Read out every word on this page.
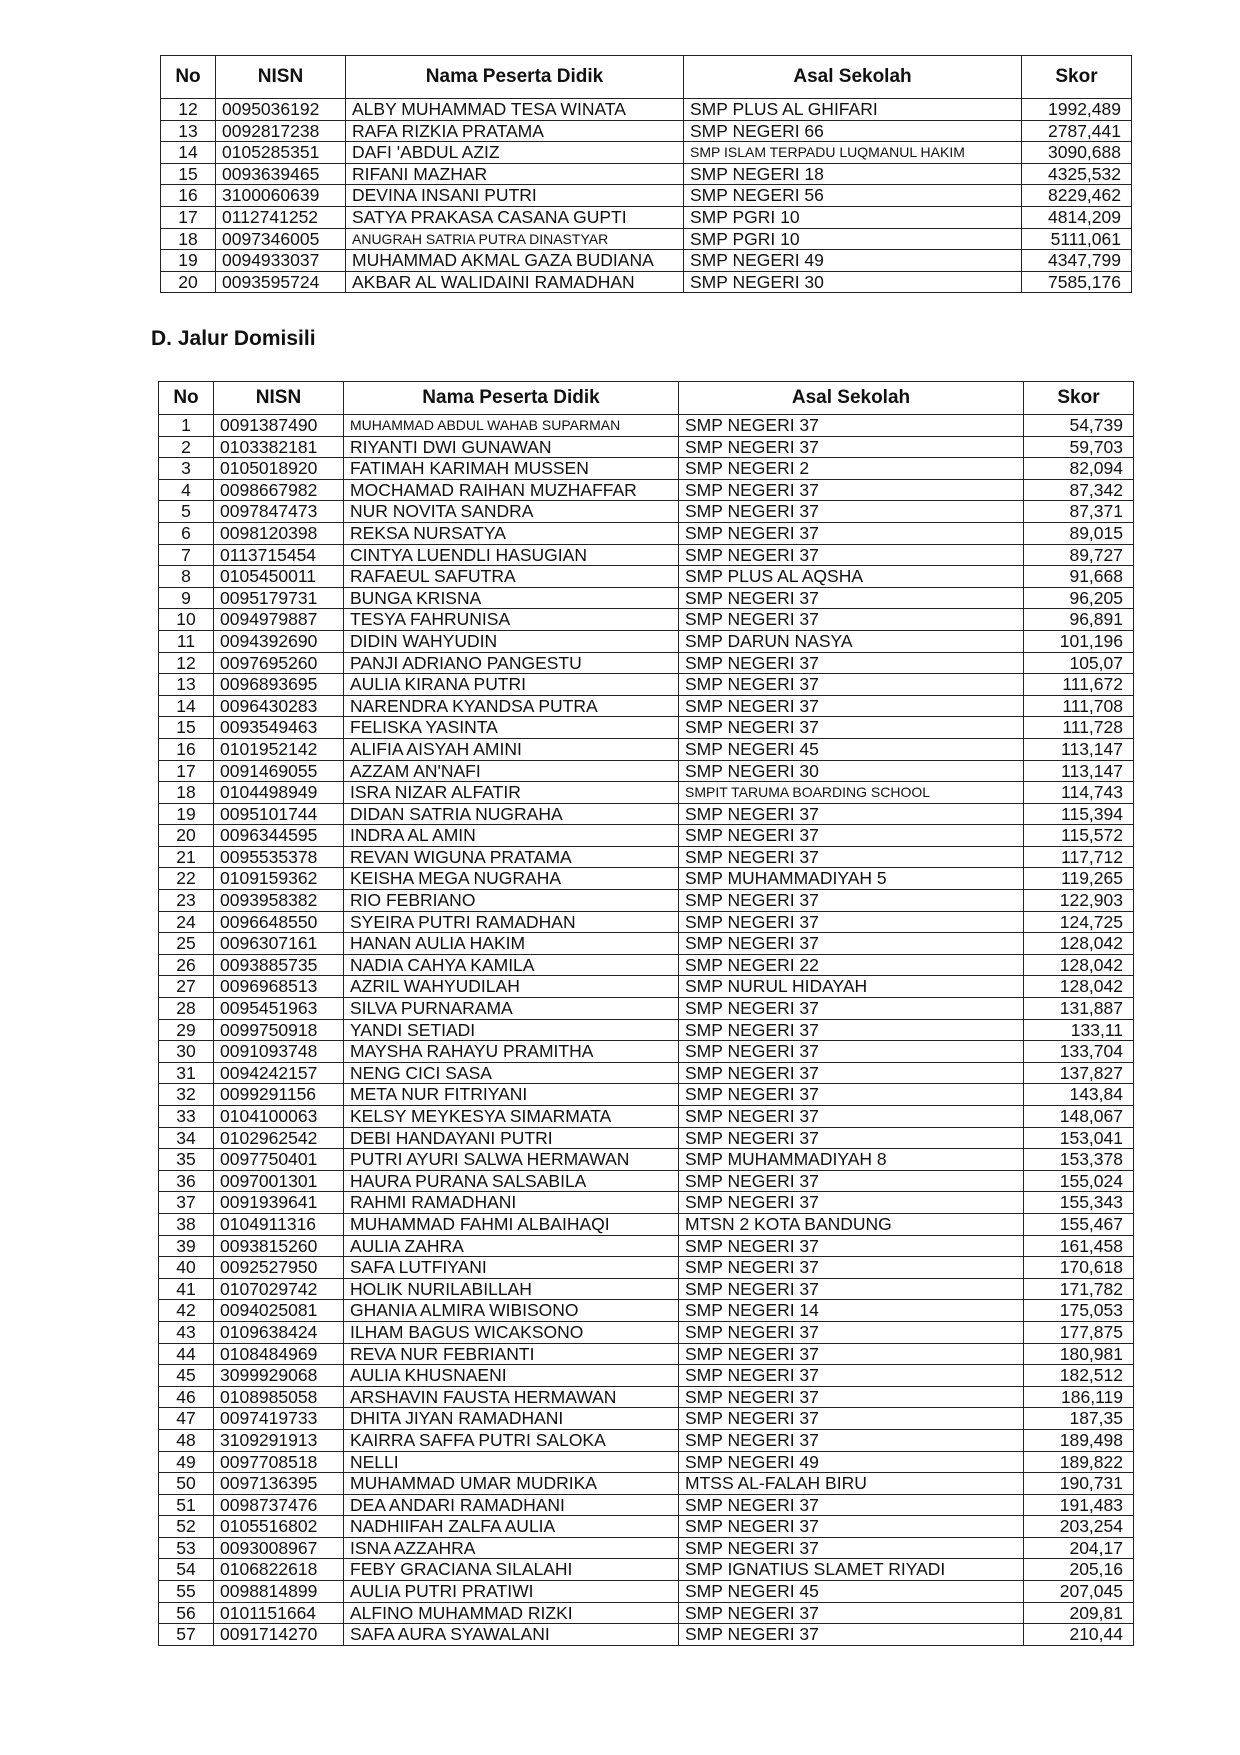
No	NISN	Nama Peserta Didik	Asal Sekolah	Skor
12	0095036192	ALBY MUHAMMAD TESA WINATA	SMP PLUS AL GHIFARI	1992,489
13	0092817238	RAFA RIZKIA PRATAMA	SMP NEGERI 66	2787,441
14	0105285351	DAFI 'ABDUL AZIZ	SMP ISLAM TERPADU LUQMANUL HAKIM	3090,688
15	0093639465	RIFANI MAZHAR	SMP NEGERI 18	4325,532
16	3100060639	DEVINA INSANI PUTRI	SMP NEGERI 56	8229,462
17	0112741252	SATYA PRAKASA CASANA GUPTI	SMP PGRI 10	4814,209
18	0097346005	ANUGRAH SATRIA PUTRA DINASTYAR	SMP PGRI 10	5111,061
19	0094933037	MUHAMMAD AKMAL GAZA BUDIANA	SMP NEGERI 49	4347,799
20	0093595724	AKBAR AL WALIDAINI RAMADHAN	SMP NEGERI 30	7585,176
D. Jalur Domisili
No	NISN	Nama Peserta Didik	Asal Sekolah	Skor
1	0091387490	MUHAMMAD ABDUL WAHAB SUPARMAN	SMP NEGERI 37	54,739
2	0103382181	RIYANTI DWI GUNAWAN	SMP NEGERI 37	59,703
3	0105018920	FATIMAH KARIMAH MUSSEN	SMP NEGERI 2	82,094
4	0098667982	MOCHAMAD RAIHAN MUZHAFFAR	SMP NEGERI 37	87,342
5	0097847473	NUR NOVITA SANDRA	SMP NEGERI 37	87,371
6	0098120398	REKSA NURSATYA	SMP NEGERI 37	89,015
7	0113715454	CINTYA LUENDLI HASUGIAN	SMP NEGERI 37	89,727
8	0105450011	RAFAEUL SAFUTRA	SMP PLUS AL AQSHA	91,668
9	0095179731	BUNGA KRISNA	SMP NEGERI 37	96,205
10	0094979887	TESYA FAHRUNISA	SMP NEGERI 37	96,891
11	0094392690	DIDIN WAHYUDIN	SMP DARUN NASYA	101,196
12	0097695260	PANJI ADRIANO PANGESTU	SMP NEGERI 37	105,07
13	0096893695	AULIA KIRANA PUTRI	SMP NEGERI 37	111,672
14	0096430283	NARENDRA KYANDSA PUTRA	SMP NEGERI 37	111,708
15	0093549463	FELISKA YASINTA	SMP NEGERI 37	111,728
16	0101952142	ALIFIA AISYAH AMINI	SMP NEGERI 45	113,147
17	0091469055	AZZAM AN'NAFI	SMP NEGERI 30	113,147
18	0104498949	ISRA NIZAR ALFATIR	SMPIT TARUMA BOARDING SCHOOL	114,743
19	0095101744	DIDAN SATRIA NUGRAHA	SMP NEGERI 37	115,394
20	0096344595	INDRA AL AMIN	SMP NEGERI 37	115,572
21	0095535378	REVAN WIGUNA PRATAMA	SMP NEGERI 37	117,712
22	0109159362	KEISHA MEGA NUGRAHA	SMP MUHAMMADIYAH 5	119,265
23	0093958382	RIO FEBRIANO	SMP NEGERI 37	122,903
24	0096648550	SYEIRA PUTRI RAMADHAN	SMP NEGERI 37	124,725
25	0096307161	HANAN AULIA HAKIM	SMP NEGERI 37	128,042
26	0093885735	NADIA CAHYA KAMILA	SMP NEGERI 22	128,042
27	0096968513	AZRIL WAHYUDILAH	SMP NURUL HIDAYAH	128,042
28	0095451963	SILVA PURNARAMA	SMP NEGERI 37	131,887
29	0099750918	YANDI SETIADI	SMP NEGERI 37	133,11
30	0091093748	MAYSHA RAHAYU PRAMITHA	SMP NEGERI 37	133,704
31	0094242157	NENG CICI SASA	SMP NEGERI 37	137,827
32	0099291156	META NUR FITRIYANI	SMP NEGERI 37	143,84
33	0104100063	KELSY MEYKESYA SIMARMATA	SMP NEGERI 37	148,067
34	0102962542	DEBI HANDAYANI PUTRI	SMP NEGERI 37	153,041
35	0097750401	PUTRI AYURI SALWA HERMAWAN	SMP MUHAMMADIYAH 8	153,378
36	0097001301	HAURA PURANA SALSABILA	SMP NEGERI 37	155,024
37	0091939641	RAHMI RAMADHANI	SMP NEGERI 37	155,343
38	0104911316	MUHAMMAD FAHMI ALBAIHAQI	MTSN 2 KOTA BANDUNG	155,467
39	0093815260	AULIA ZAHRA	SMP NEGERI 37	161,458
40	0092527950	SAFA LUTFIYANI	SMP NEGERI 37	170,618
41	0107029742	HOLIK NURILABILLAH	SMP NEGERI 37	171,782
42	0094025081	GHANIA ALMIRA WIBISONO	SMP NEGERI 14	175,053
43	0109638424	ILHAM BAGUS WICAKSONO	SMP NEGERI 37	177,875
44	0108484969	REVA NUR FEBRIANTI	SMP NEGERI 37	180,981
45	3099929068	AULIA KHUSNAENI	SMP NEGERI 37	182,512
46	0108985058	ARSHAVIN FAUSTA HERMAWAN	SMP NEGERI 37	186,119
47	0097419733	DHITA JIYAN RAMADHANI	SMP NEGERI 37	187,35
48	3109291913	KAIRRA SAFFA PUTRI SALOKA	SMP NEGERI 37	189,498
49	0097708518	NELLI	SMP NEGERI 49	189,822
50	0097136395	MUHAMMAD UMAR MUDRIKA	MTSS AL-FALAH BIRU	190,731
51	0098737476	DEA ANDARI RAMADHANI	SMP NEGERI 37	191,483
52	0105516802	NADHIIFAH ZALFA AULIA	SMP NEGERI 37	203,254
53	0093008967	ISNA AZZAHRA	SMP NEGERI 37	204,17
54	0106822618	FEBY GRACIANA SILALAHI	SMP IGNATIUS SLAMET RIYADI	205,16
55	0098814899	AULIA PUTRI PRATIWI	SMP NEGERI 45	207,045
56	0101151664	ALFINO MUHAMMAD RIZKI	SMP NEGERI 37	209,81
57	0091714270	SAFA AURA SYAWALANI	SMP NEGERI 37	210,44
